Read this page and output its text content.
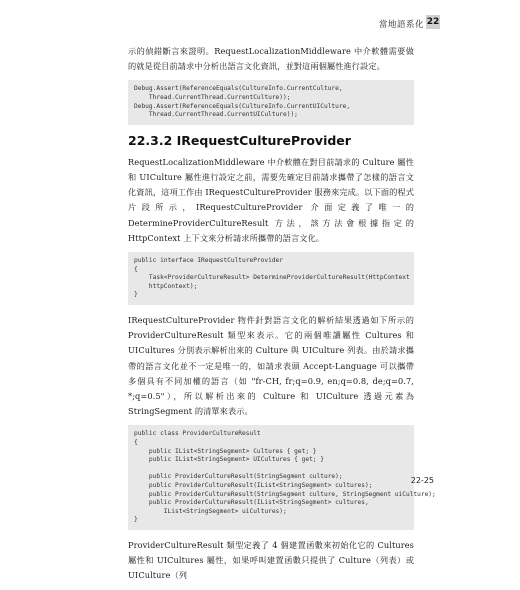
當地語系化 22

示的偵錯斷言來證明。RequestLocalizationMiddleware 中介軟體需要做的就是從目前請求中分析出語言文化資訊，並對這兩個屬性進行設定。

Debug.Assert(ReferenceEquals(CultureInfo.CurrentCulture,
Thread.CurrentThread.CurrentCulture));
Debug.Assert(ReferenceEquals(CultureInfo.CurrentUICulture,
Thread.CurrentThread.CurrentUICulture));
22.3.2 IRequestCultureProvider

RequestLocalizationMiddleware 中介軟體在對目前請求的 Culture 屬性和 UICulture 屬性進行設定之前，需要先確定目前請求攜帶了怎樣的語言文化資訊，這項工作由 IRequestCultureProvider 服務來完成。以下面的程式片段所示，IRequestCultureProvider 介面定義了唯一的 DetermineProviderCultureResult 方法，該方法會根據指定的 HttpContext 上下文來分析請求所攜帶的語言文化。

public interface IRequestCultureProvider
{
Task<ProviderCultureResult> DetermineProviderCultureResult(HttpContext
httpContext);
}

IRequestCultureProvider 物件針對語言文化的解析結果透過如下所示的 ProviderCultureResult 類型來表示。它的兩個唯讀屬性 Cultures 和 UICultures 分別表示解析出來的 Culture 與 UICulture 列表。由於請求攜帶的語言文化並不一定是唯一的，如請求表頭 Accept-Language 可以攜帶多個具有不同加權的語言（如 "fr-CH, fr;q=0.9, en;q=0.8, de;q=0.7, *;q=0.5"），所以解析出來的 Culture 和 UICulture 透過元素為 StringSegment 的清單來表示。

public class ProviderCultureResult
{
public IList<StringSegment> Cultures { get; }
public IList<StringSegment> UICultures { get; }

public ProviderCultureResult(StringSegment culture);
public ProviderCultureResult(IList<StringSegment> cultures);
public ProviderCultureResult(StringSegment culture, StringSegment uiCulture);
public ProviderCultureResult(IList<StringSegment> cultures,
IList<StringSegment> uiCultures);
}

ProviderCultureResult 類型定義了 4 個建置函數來初始化它的 Cultures 屬性和 UICultures 屬性，如果呼叫建置函數只提供了 Culture（列表）或 UICulture（列

22-25
